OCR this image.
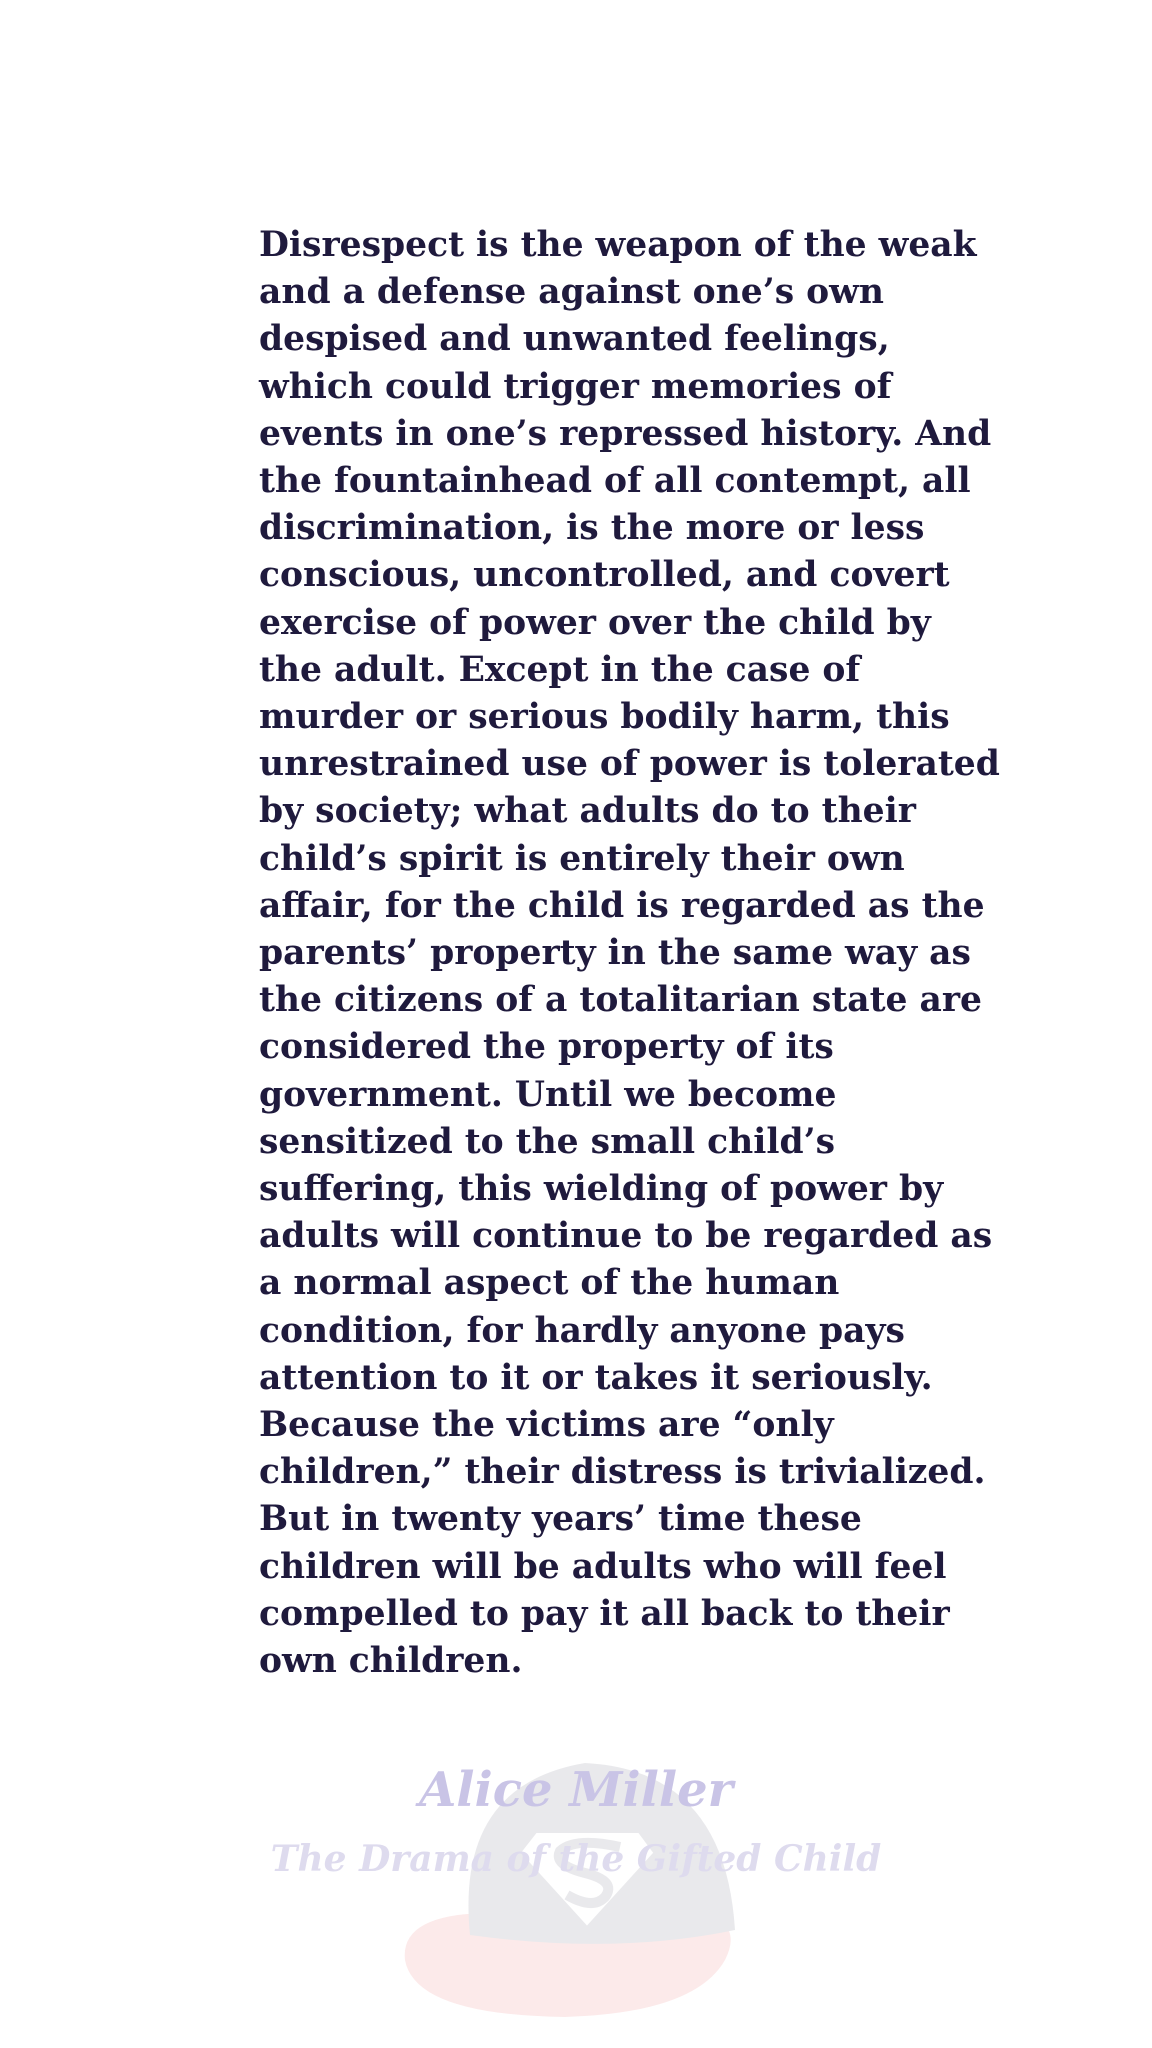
Disrespect is the weapon of the weak
and a defense against one’s own
despised and unwanted feelings,
which could trigger memories of
events in one’s repressed history. And
the fountainhead of all contempt, all
discrimination, is the more or less
conscious, uncontrolled, and covert
exercise of power over the child by
the adult. Except in the case of
murder or serious bodily harm, this
unrestrained use of power is tolerated
by society; what adults do to their
child’s spirit is entirely their own
affair, for the child is regarded as the
parents’ property in the same way as
the citizens of a totalitarian state are
considered the property of its
government. Until we become
sensitized to the small child’s
suffering, this wielding of power by
adults will continue to be regarded as
a normal aspect of the human
condition, for hardly anyone pays
attention to it or takes it seriously.
Because the victims are “only
children,” their distress is trivialized.
But in twenty years’ time these
children will be adults who will feel
compelled to pay it all back to their
own children.

Alice Miller
The Drama of the Gifted Child
